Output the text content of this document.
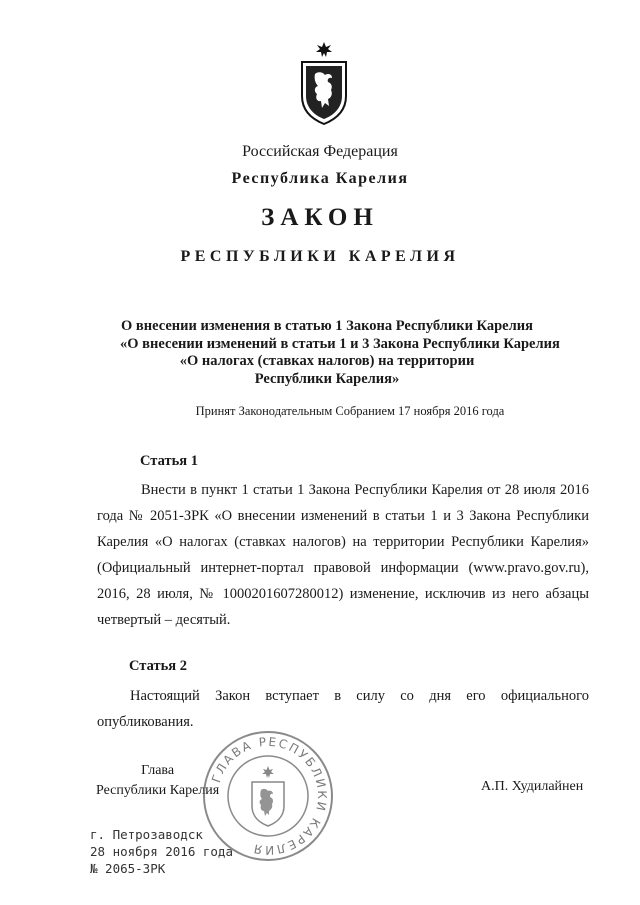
Российская Федерация
Республика Карелия
ЗАКОН
РЕСПУБЛИКИ КАРЕЛИЯ
О внесении изменения в статью 1 Закона Республики Карелия
«О внесении изменений в статьи 1 и 3 Закона Республики Карелия
«О налогах (ставках налогов) на территории
Республики Карелия»
Принят Законодательным Собранием 17 ноября 2016 года
Статья 1
Внести в пункт 1 статьи 1 Закона Республики Карелия от 28 июля 2016 года № 2051-ЗРК «О внесении изменений в статьи 1 и 3 Закона Республики Карелия «О налогах (ставках налогов) на территории Республики Карелия» (Официальный интернет-портал правовой информации (www.pravo.gov.ru), 2016, 28 июля, № 1000201607280012) изменение, исключив из него абзацы четвертый – десятый.
Статья 2
Настоящий Закон вступает в силу со дня его официального опубликования.
Глава
Республики Карелия	А.П. Худилайнен
ГЛАВА РЕСПУБЛИКИ КАРЕЛИЯ
г. Петрозаводск
28 ноября 2016 года
№ 2065-ЗРК
